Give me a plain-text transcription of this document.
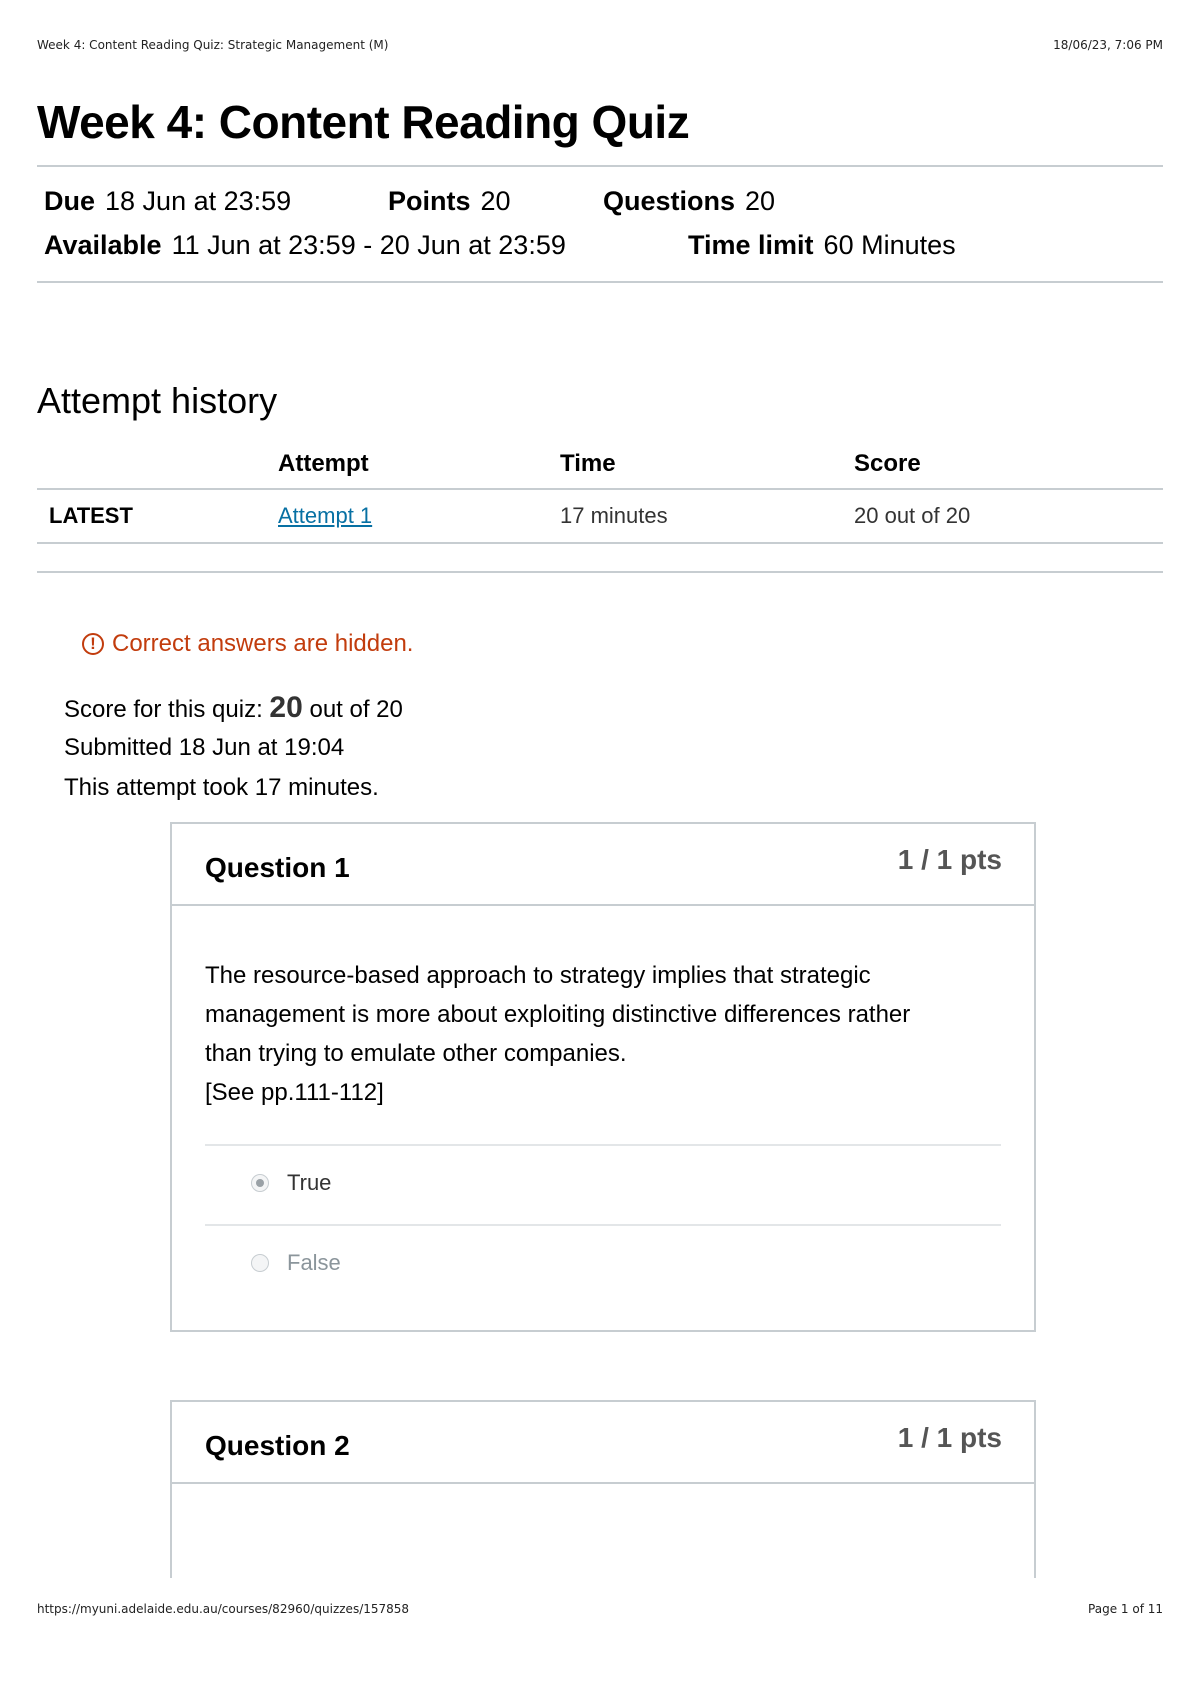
Week 4: Content Reading Quiz: Strategic Management (M)	18/06/23, 7:06 PM
Week 4: Content Reading Quiz
Due 18 Jun at 23:59	Points 20	Questions 20
Available 11 Jun at 23:59 - 20 Jun at 23:59	Time limit 60 Minutes
Attempt history
	Attempt	Time	Score
LATEST	Attempt 1	17 minutes	20 out of 20
! Correct answers are hidden.
Score for this quiz: 20 out of 20
Submitted 18 Jun at 19:04
This attempt took 17 minutes.
Question 1	1 / 1 pts
The resource-based approach to strategy implies that strategic
management is more about exploiting distinctive differences rather
than trying to emulate other companies.
[See pp.111-112]
True
False
Question 2	1 / 1 pts
https://myuni.adelaide.edu.au/courses/82960/quizzes/157858	Page 1 of 11
